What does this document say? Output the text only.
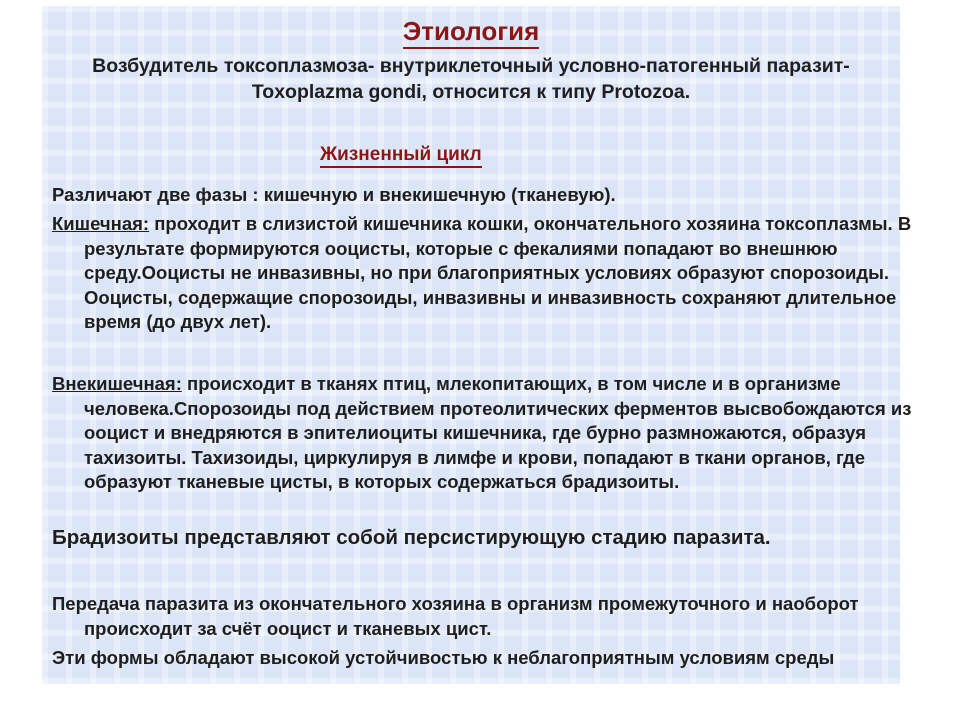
Этиология
Возбудитель токсоплазмоза- внутриклеточный условно-патогенный паразит-Toxoplazma gondi, относится к типу Protozoa.
Жизненный цикл
Различают две фазы : кишечную и внекишечную (тканевую).
Кишечная: проходит в слизистой кишечника кошки, окончательного хозяина токсоплазмы. В результате формируются ооцисты, которые с фекалиями попадают во внешнюю среду.Ооцисты не инвазивны, но при благоприятных условиях образуют спорозоиды. Ооцисты, содержащие спорозоиды, инвазивны и инвазивность сохраняют длительное время (до двух лет).
Внекишечная: происходит в тканях птиц, млекопитающих, в том числе и в организме человека.Спорозоиды под действием протеолитических ферментов высвобождаются из ооцист и внедряются в эпителиоциты кишечника, где бурно размножаются, образуя тахизоиты. Тахизоиды, циркулируя в лимфе и крови, попадают в ткани органов, где образуют тканевые цисты, в которых содержаться брадизоиты.
Брадизоиты представляют собой персистирующую стадию паразита.
Передача паразита из окончательного хозяина в организм промежуточного и наоборот происходит за счёт ооцист и тканевых цист.
Эти формы обладают высокой устойчивостью к неблагоприятным условиям среды
